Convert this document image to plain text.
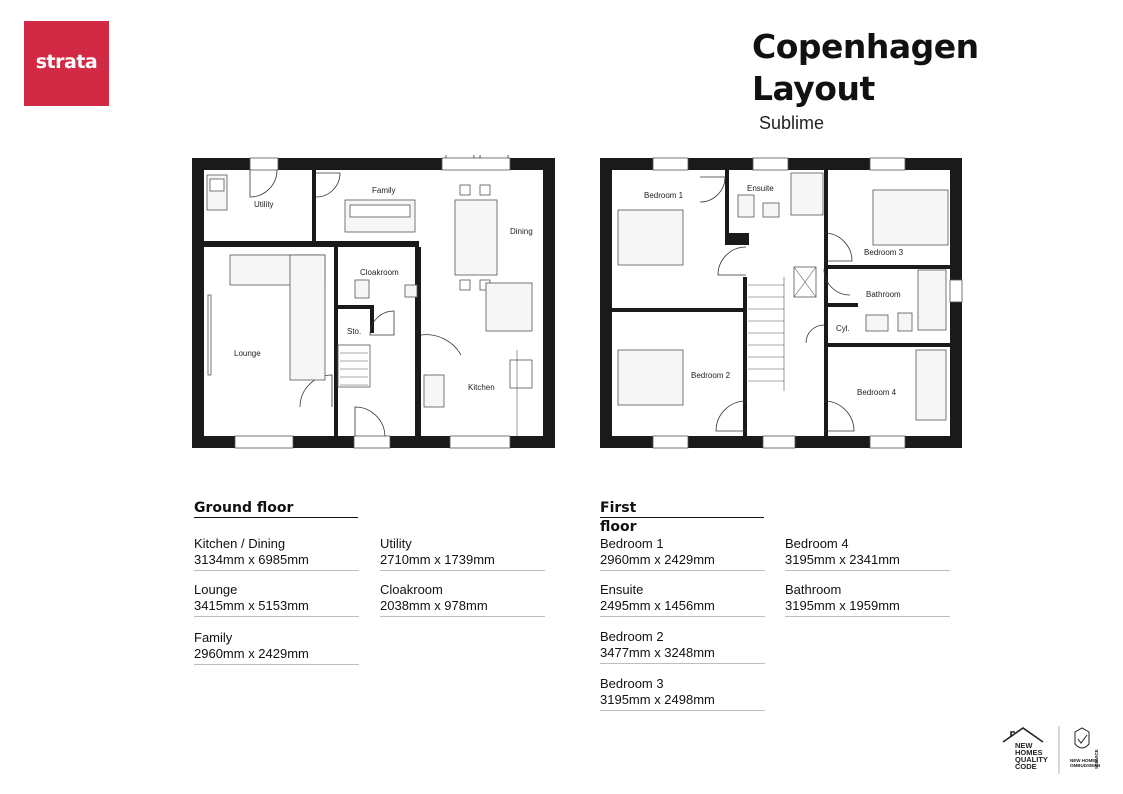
strata	Copenhagen
Layout
Sublime
Utility
Family
Dining
Cloakroom
Lounge
Sto.
Kitchen
Bedroom 1
Ensuite
Bedroom 3
Bathroom
Cyl.
Bedroom 2
Bedroom 4
Ground floor
Kitchen / Dining
3134mm x 6985mm
Lounge
3415mm x 5153mm
Family
2960mm x 2429mm
Utility
2710mm x 1739mm
Cloakroom
2038mm x 978mm
First
floor
Bedroom 1
2960mm x 2429mm
Ensuite
2495mm x 1456mm
Bedroom 2
3477mm x 3248mm
Bedroom 3
3195mm x 2498mm
Bedroom 4
3195mm x 2341mm
Bathroom
3195mm x 1959mm
NEW
HOMES
QUALITY
CODE
NEW HOMES
OMBUDSMAN
SERVICE
